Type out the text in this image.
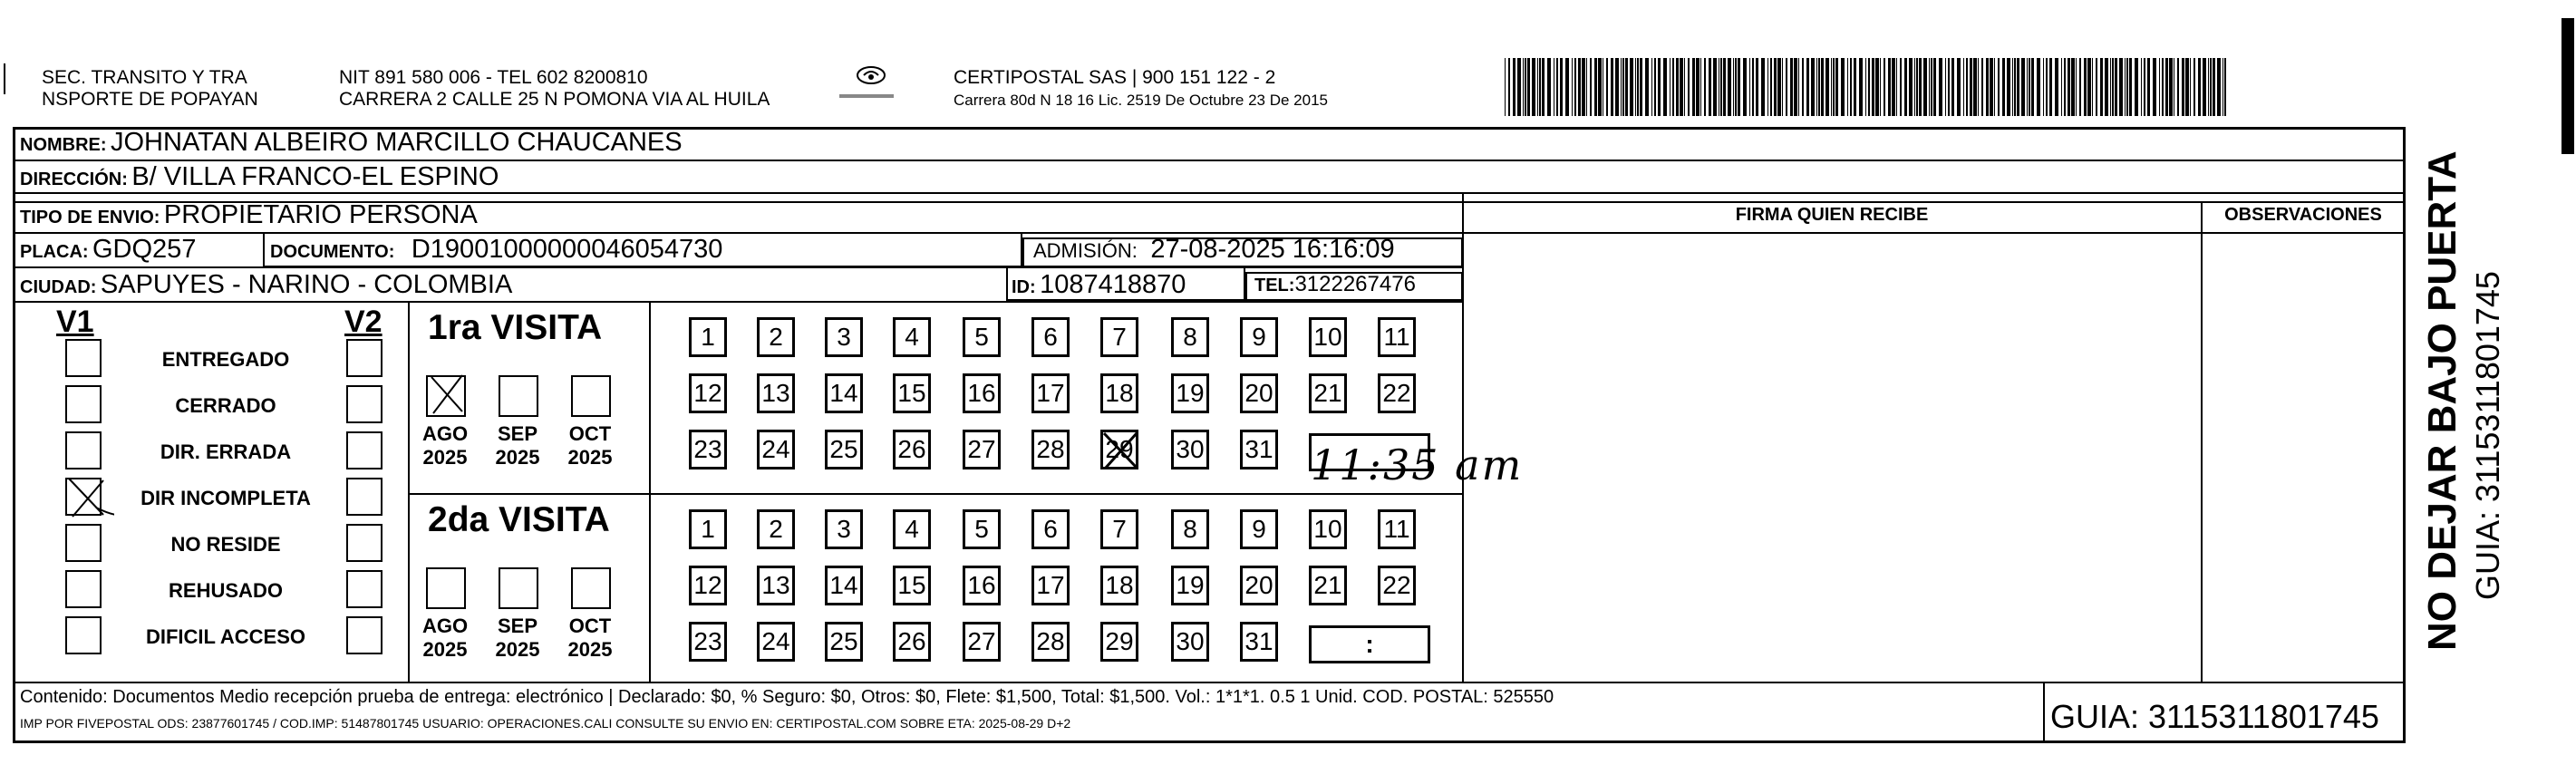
SEC. TRANSITO Y TRA
NSPORTE DE POPAYAN
NIT 891 580 006 - TEL 602 8200810
CARRERA 2 CALLE 25 N POMONA VIA AL HUILA
CERTIPOSTAL SAS | 900 151 122 - 2
Carrera 80d N 18 16 Lic. 2519 De Octubre 23 De 2015
NOMBRE: JOHNATAN ALBEIRO MARCILLO CHAUCANES
DIRECCIÓN: B/ VILLA FRANCO-EL ESPINO
TIPO DE ENVIO: PROPIETARIO PERSONA
PLACA: GDQ257	DOCUMENTO: D19001000000046054730	ADMISIÓN: 27-08-2025 16:16:09
CIUDAD: SAPUYES - NARINO - COLOMBIA	ID: 1087418870	TEL:3122267476
FIRMA QUIEN RECIBE	OBSERVACIONES
V1	V2
ENTREGADO
CERRADO
DIR. ERRADA
DIR INCOMPLETA
NO RESIDE
REHUSADO
DIFICIL ACCESO
1ra VISITA
2da VISITA
AGO
2025
SEP
2025
OCT
2025
AGO
2025
SEP
2025
OCT
2025
1	2	3	4	5	6	7	8	9	10 11
12 13 14 15 16 17 18 19 20 21 22
23 24 25 26 27 28 29 30 31
1	2	3	4	5	6	7	8	9	10 11
12 13 14 15 16 17 18 19 20 21 22
23 24 25 26 27 28 29 30 31	:
11:35 am
Contenido: Documentos Medio recepción prueba de entrega: electrónico | Declarado: $0, % Seguro: $0, Otros: $0, Flete: $1,500, Total: $1,500. Vol.: 1*1*1. 0.5 1 Unid. COD. POSTAL: 525550
IMP POR FIVEPOSTAL ODS: 23877601745 / COD.IMP: 51487801745 USUARIO: OPERACIONES.CALI CONSULTE SU ENVIO EN: CERTIPOSTAL.COM SOBRE ETA: 2025-08-29 D+2	GUIA: 3115311801745
NO DEJAR BAJO PUERTA GUIA: 3115311801745
